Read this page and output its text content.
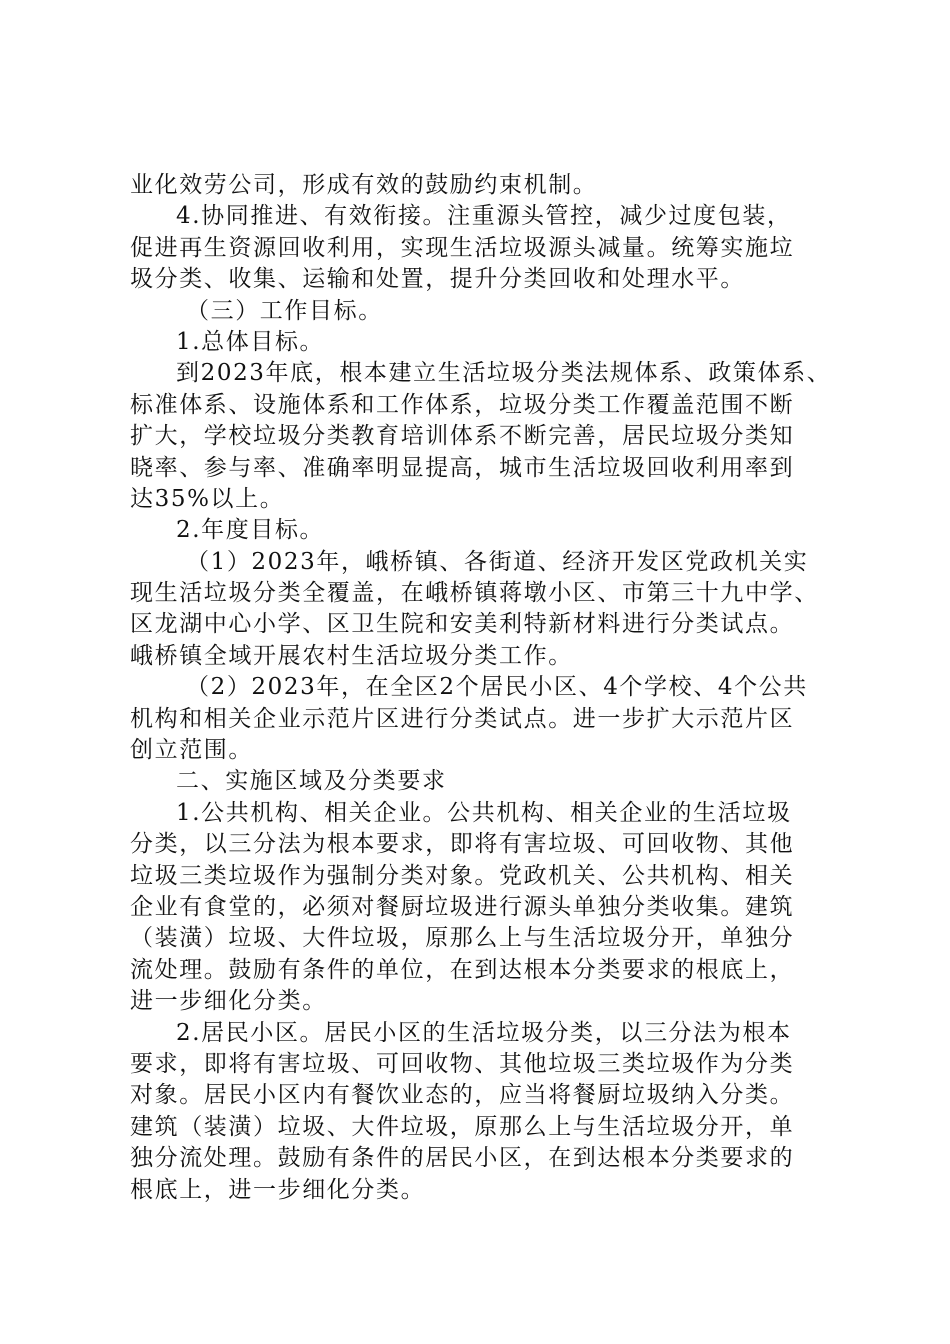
业化效劳公司，形成有效的鼓励约束机制。
4.协同推进、有效衔接。注重源头管控，减少过度包装，
促进再生资源回收利用，实现生活垃圾源头减量。统筹实施垃
圾分类、收集、运输和处置，提升分类回收和处理水平。
（三）工作目标。
1.总体目标。
到2023年底，根本建立生活垃圾分类法规体系、政策体系、
标准体系、设施体系和工作体系，垃圾分类工作覆盖范围不断
扩大，学校垃圾分类教育培训体系不断完善，居民垃圾分类知
晓率、参与率、准确率明显提高，城市生活垃圾回收利用率到
达35%以上。
2.年度目标。
（1）2023年，峨桥镇、各街道、经济开发区党政机关实
现生活垃圾分类全覆盖，在峨桥镇蒋墩小区、市第三十九中学、
区龙湖中心小学、区卫生院和安美利特新材料进行分类试点。
峨桥镇全域开展农村生活垃圾分类工作。
（2）2023年，在全区2个居民小区、4个学校、4个公共
机构和相关企业示范片区进行分类试点。进一步扩大示范片区
创立范围。
二、实施区域及分类要求
1.公共机构、相关企业。公共机构、相关企业的生活垃圾
分类，以三分法为根本要求，即将有害垃圾、可回收物、其他
垃圾三类垃圾作为强制分类对象。党政机关、公共机构、相关
企业有食堂的，必须对餐厨垃圾进行源头单独分类收集。建筑
（装潢）垃圾、大件垃圾，原那么上与生活垃圾分开，单独分
流处理。鼓励有条件的单位，在到达根本分类要求的根底上，
进一步细化分类。
2.居民小区。居民小区的生活垃圾分类，以三分法为根本
要求，即将有害垃圾、可回收物、其他垃圾三类垃圾作为分类
对象。居民小区内有餐饮业态的，应当将餐厨垃圾纳入分类。
建筑（装潢）垃圾、大件垃圾，原那么上与生活垃圾分开，单
独分流处理。鼓励有条件的居民小区，在到达根本分类要求的
根底上，进一步细化分类。
